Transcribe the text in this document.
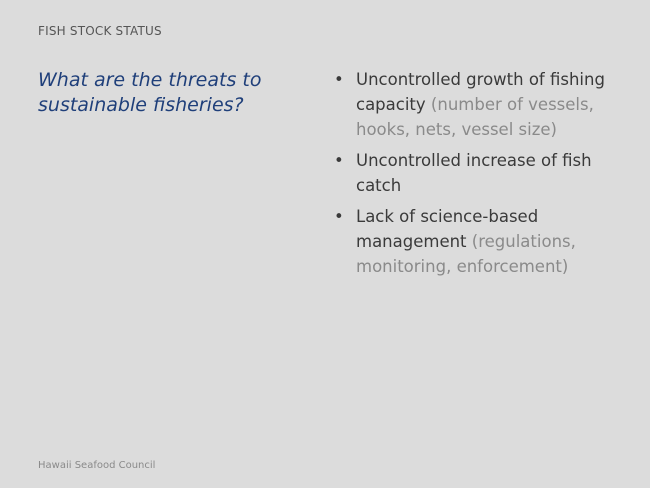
FISH STOCK STATUS
What are the threats to sustainable fisheries?
• Uncontrolled growth of fishing capacity (number of vessels, hooks, nets, vessel size)
• Uncontrolled increase of fish catch
• Lack of science-based management (regulations, monitoring, enforcement)
Hawaii Seafood Council
